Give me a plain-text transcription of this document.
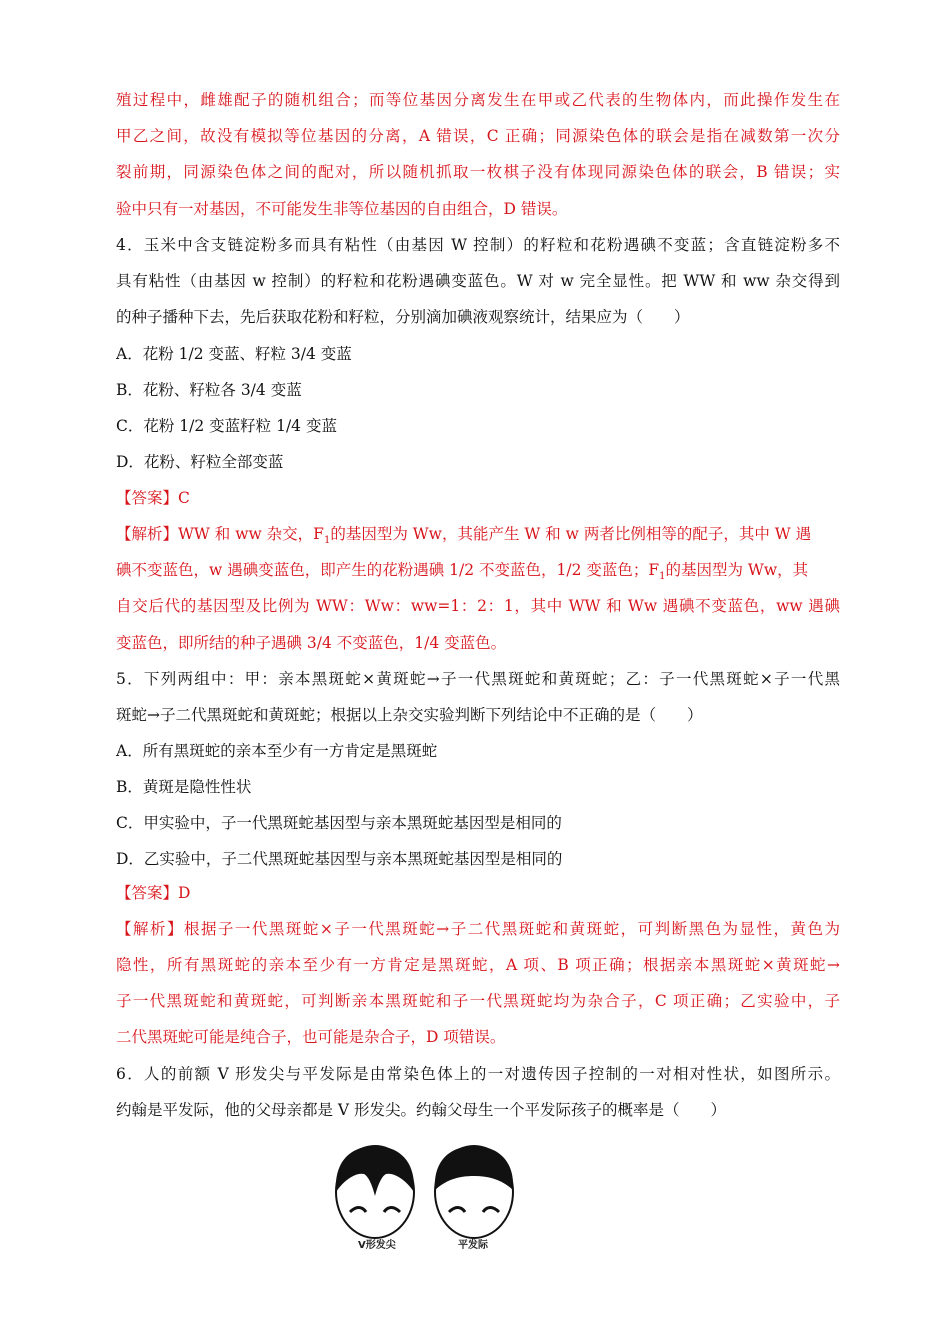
殖过程中，雌雄配子的随机组合；而等位基因分离发生在甲或乙代表的生物体内，而此操作发生在
甲乙之间，故没有模拟等位基因的分离，A 错误，C 正确；同源染色体的联会是指在减数第一次分
裂前期，同源染色体之间的配对，所以随机抓取一枚棋子没有体现同源染色体的联会，B 错误；实
验中只有一对基因，不可能发生非等位基因的自由组合，D 错误。
4．玉米中含支链淀粉多而具有粘性（由基因 W 控制）的籽粒和花粉遇碘不变蓝；含直链淀粉多不
具有粘性（由基因 w 控制）的籽粒和花粉遇碘变蓝色。W 对 w 完全显性。把 WW 和 ww 杂交得到
的种子播种下去，先后获取花粉和籽粒，分别滴加碘液观察统计，结果应为（　　）
A．花粉 1/2 变蓝、籽粒 3/4 变蓝
B．花粉、籽粒各 3/4 变蓝
C．花粉 1/2 变蓝籽粒 1/4 变蓝
D．花粉、籽粒全部变蓝
【答案】C
【解析】WW 和 ww 杂交，$F_1$的基因型为 Ww，其能产生 W 和 w 两者比例相等的配子，其中 W 遇
碘不变蓝色，w 遇碘变蓝色，即产生的花粉遇碘 1/2 不变蓝色，1/2 变蓝色；$F_1$的基因型为 Ww，其
自交后代的基因型及比例为 WW：Ww：ww=1：2：1，其中 WW 和 Ww 遇碘不变蓝色，ww 遇碘
变蓝色，即所结的种子遇碘 3/4 不变蓝色，1/4 变蓝色。
5．下列两组中：甲：亲本黑斑蛇×黄斑蛇→子一代黑斑蛇和黄斑蛇；乙：子一代黑斑蛇×子一代黑
斑蛇→子二代黑斑蛇和黄斑蛇；根据以上杂交实验判断下列结论中不正确的是（　　）
A．所有黑斑蛇的亲本至少有一方肯定是黑斑蛇
B．黄斑是隐性性状
C．甲实验中，子一代黑斑蛇基因型与亲本黑斑蛇基因型是相同的
D．乙实验中，子二代黑斑蛇基因型与亲本黑斑蛇基因型是相同的
【答案】D
【解析】根据子一代黑斑蛇×子一代黑斑蛇→子二代黑斑蛇和黄斑蛇，可判断黑色为显性，黄色为
隐性，所有黑斑蛇的亲本至少有一方肯定是黑斑蛇，A 项、B 项正确；根据亲本黑斑蛇×黄斑蛇→
子一代黑斑蛇和黄斑蛇，可判断亲本黑斑蛇和子一代黑斑蛇均为杂合子，C 项正确；乙实验中，子
二代黑斑蛇可能是纯合子，也可能是杂合子，D 项错误。
6．人的前额 V 形发尖与平发际是由常染色体上的一对遗传因子控制的一对相对性状，如图所示。
约翰是平发际，他的父母亲都是 V 形发尖。约翰父母生一个平发际孩子的概率是（　　）
V形发尖	平发际
